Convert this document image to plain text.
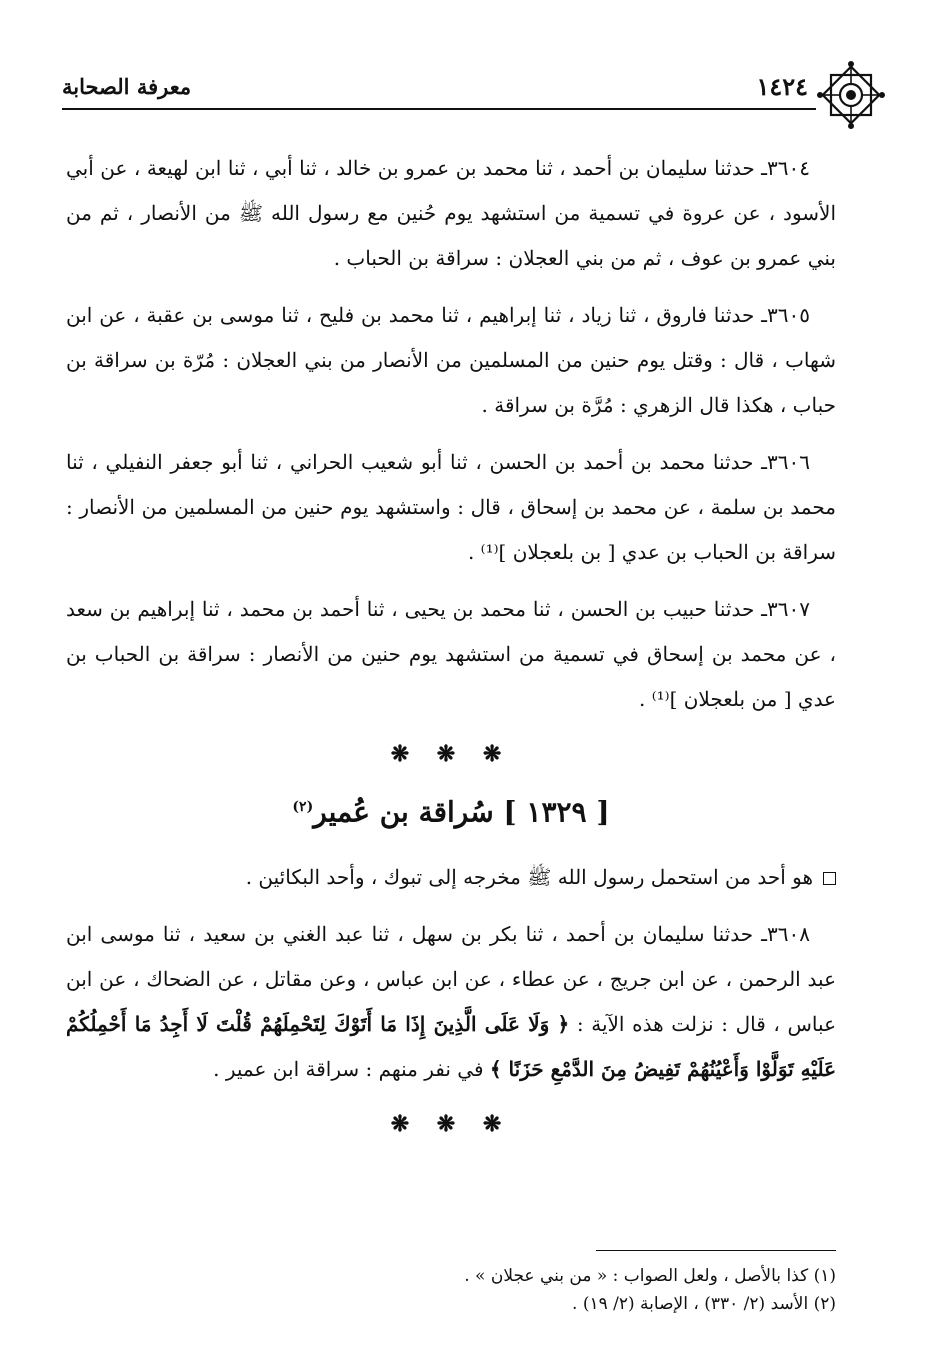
معرفة الصحابة	١٤٢٤

٣٦٠٤ـ حدثنا سليمان بن أحمد ، ثنا محمد بن عمرو بن خالد ، ثنا أبي ، ثنا ابن لهيعة ، عن أبي الأسود ، عن عروة في تسمية من استشهد يوم حُنين مع رسول الله ﷺ من الأنصار ، ثم من بني عمرو بن عوف ، ثم من بني العجلان : سراقة بن الحباب .

٣٦٠٥ـ حدثنا فاروق ، ثنا زياد ، ثنا إبراهيم ، ثنا محمد بن فليح ، ثنا موسى بن عقبة ، عن ابن شهاب ، قال : وقتل يوم حنين من المسلمين من الأنصار من بني العجلان : مُرّة بن سراقة بن حباب ، هكذا قال الزهري : مُرَّة بن سراقة .

٣٦٠٦ـ حدثنا محمد بن أحمد بن الحسن ، ثنا أبو شعيب الحراني ، ثنا أبو جعفر النفيلي ، ثنا محمد بن سلمة ، عن محمد بن إسحاق ، قال : واستشهد يوم حنين من المسلمين من الأنصار : سراقة بن الحباب بن عدي [ بن بلعجلان ]⁽¹⁾ .

٣٦٠٧ـ حدثنا حبيب بن الحسن ، ثنا محمد بن يحيى ، ثنا أحمد بن محمد ، ثنا إبراهيم بن سعد ، عن محمد بن إسحاق في تسمية من استشهد يوم حنين من الأنصار : سراقة بن الحباب بن عدي [ من بلعجلان ]⁽¹⁾ .

❋ ❋ ❋

[ ١٣٢٩ ] سُراقة بن عُمير$^{(٢)}$

هو أحد من استحمل رسول الله ﷺ مخرجه إلى تبوك ، وأحد البكائين .

٣٦٠٨ـ حدثنا سليمان بن أحمد ، ثنا بكر بن سهل ، ثنا عبد الغني بن سعيد ، ثنا موسى ابن عبد الرحمن ، عن ابن جريج ، عن عطاء ، عن ابن عباس ، وعن مقاتل ، عن الضحاك ، عن ابن عباس ، قال : نزلت هذه الآية : ﴿ وَلَا عَلَى الَّذِينَ إِذَا مَا أَتَوْكَ لِتَحْمِلَهُمْ قُلْتَ لَا أَجِدُ مَا أَحْمِلُكُمْ عَلَيْهِ تَوَلَّوْا وَأَعْيُنُهُمْ تَفِيضُ مِنَ الدَّمْعِ حَزَنًا ﴾ في نفر منهم : سراقة ابن عمير .

❋ ❋ ❋

(١) كذا بالأصل ، ولعل الصواب : « من بني عجلان » .

(٢) الأسد (٢/ ٣٣٠) ، الإصابة (٢/ ١٩) .
